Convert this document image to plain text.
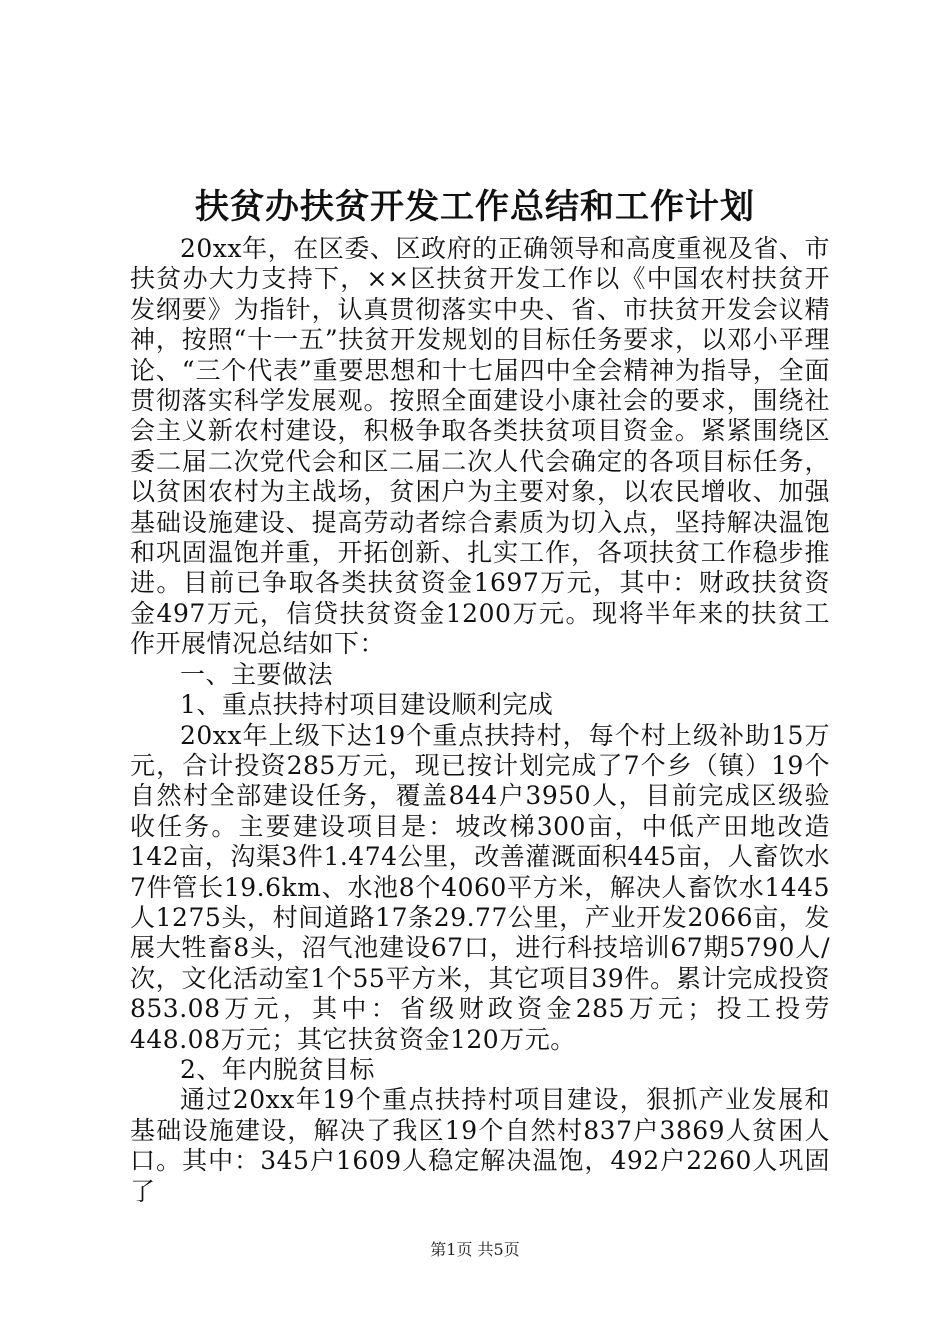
扶贫办扶贫开发工作总结和工作计划

20xx年，在区委、区政府的正确领导和高度重视及省、市扶贫办大力支持下，××区扶贫开发工作以《中国农村扶贫开发纲要》为指针，认真贯彻落实中央、省、市扶贫开发会议精神，按照“十一五”扶贫开发规划的目标任务要求，以邓小平理论、“三个代表”重要思想和十七届四中全会精神为指导，全面贯彻落实科学发展观。按照全面建设小康社会的要求，围绕社会主义新农村建设，积极争取各类扶贫项目资金。紧紧围绕区委二届二次党代会和区二届二次人代会确定的各项目标任务，以贫困农村为主战场，贫困户为主要对象，以农民增收、加强基础设施建设、提高劳动者综合素质为切入点，坚持解决温饱和巩固温饱并重，开拓创新、扎实工作，各项扶贫工作稳步推进。目前已争取各类扶贫资金1697万元，其中：财政扶贫资金497万元，信贷扶贫资金1200万元。现将半年来的扶贫工作开展情况总结如下：

一、主要做法

1、重点扶持村项目建设顺利完成

20xx年上级下达19个重点扶持村，每个村上级补助15万元，合计投资285万元，现已按计划完成了7个乡（镇）19个自然村全部建设任务，覆盖844户3950人，目前完成区级验收任务。主要建设项目是：坡改梯300亩，中低产田地改造142亩，沟渠3件1.474公里，改善灌溉面积445亩，人畜饮水7件管长19.6km、水池8个4060平方米，解决人畜饮水1445人1275头，村间道路17条29.77公里，产业开发2066亩，发展大牲畜8头，沼气池建设67口，进行科技培训67期5790人/次，文化活动室1个55平方米，其它项目39件。累计完成投资853.08万元，其中：省级财政资金285万元；投工投劳448.08万元；其它扶贫资金120万元。

2、年内脱贫目标

通过20xx年19个重点扶持村项目建设，狠抓产业发展和基础设施建设，解决了我区19个自然村837户3869人贫困人口。其中：345户1609人稳定解决温饱，492户2260人巩固了

第1页 共5页
